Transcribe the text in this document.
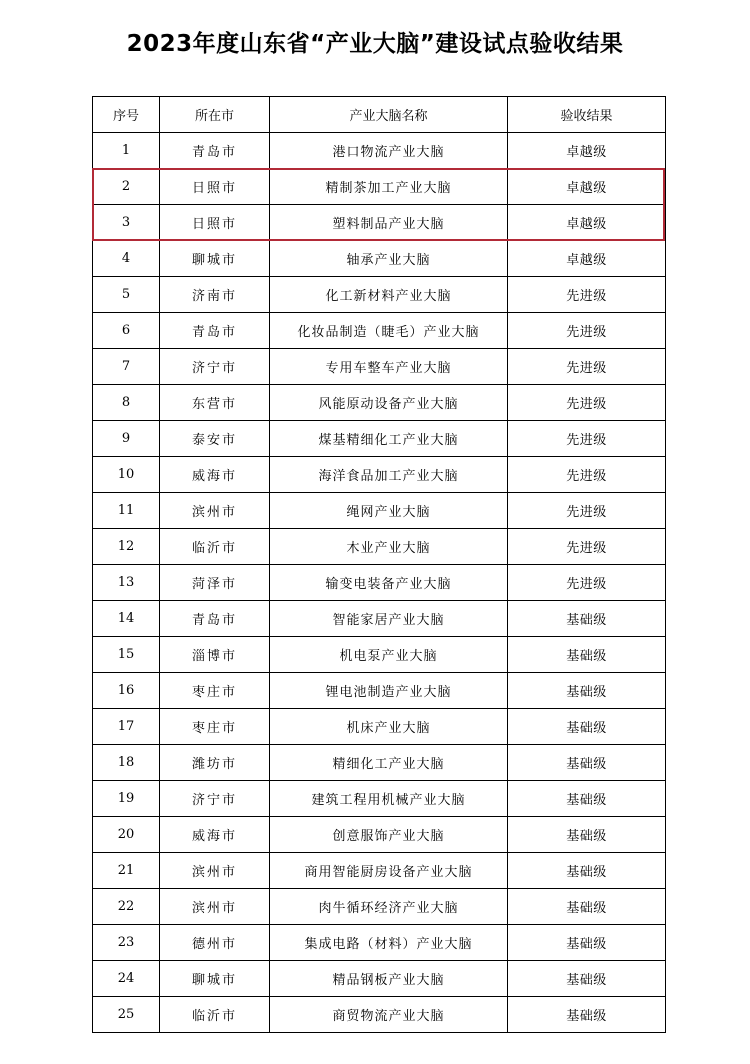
2023年度山东省“产业大脑”建设试点验收结果
序号	所在市	产业大脑名称	验收结果
1	青岛市	港口物流产业大脑	卓越级
2	日照市	精制茶加工产业大脑	卓越级
3	日照市	塑料制品产业大脑	卓越级
4	聊城市	轴承产业大脑	卓越级
5	济南市	化工新材料产业大脑	先进级
6	青岛市	化妆品制造（睫毛）产业大脑	先进级
7	济宁市	专用车整车产业大脑	先进级
8	东营市	风能原动设备产业大脑	先进级
9	泰安市	煤基精细化工产业大脑	先进级
10	威海市	海洋食品加工产业大脑	先进级
11	滨州市	绳网产业大脑	先进级
12	临沂市	木业产业大脑	先进级
13	菏泽市	输变电装备产业大脑	先进级
14	青岛市	智能家居产业大脑	基础级
15	淄博市	机电泵产业大脑	基础级
16	枣庄市	锂电池制造产业大脑	基础级
17	枣庄市	机床产业大脑	基础级
18	潍坊市	精细化工产业大脑	基础级
19	济宁市	建筑工程用机械产业大脑	基础级
20	威海市	创意服饰产业大脑	基础级
21	滨州市	商用智能厨房设备产业大脑	基础级
22	滨州市	肉牛循环经济产业大脑	基础级
23	德州市	集成电路（材料）产业大脑	基础级
24	聊城市	精品钢板产业大脑	基础级
25	临沂市	商贸物流产业大脑	基础级
